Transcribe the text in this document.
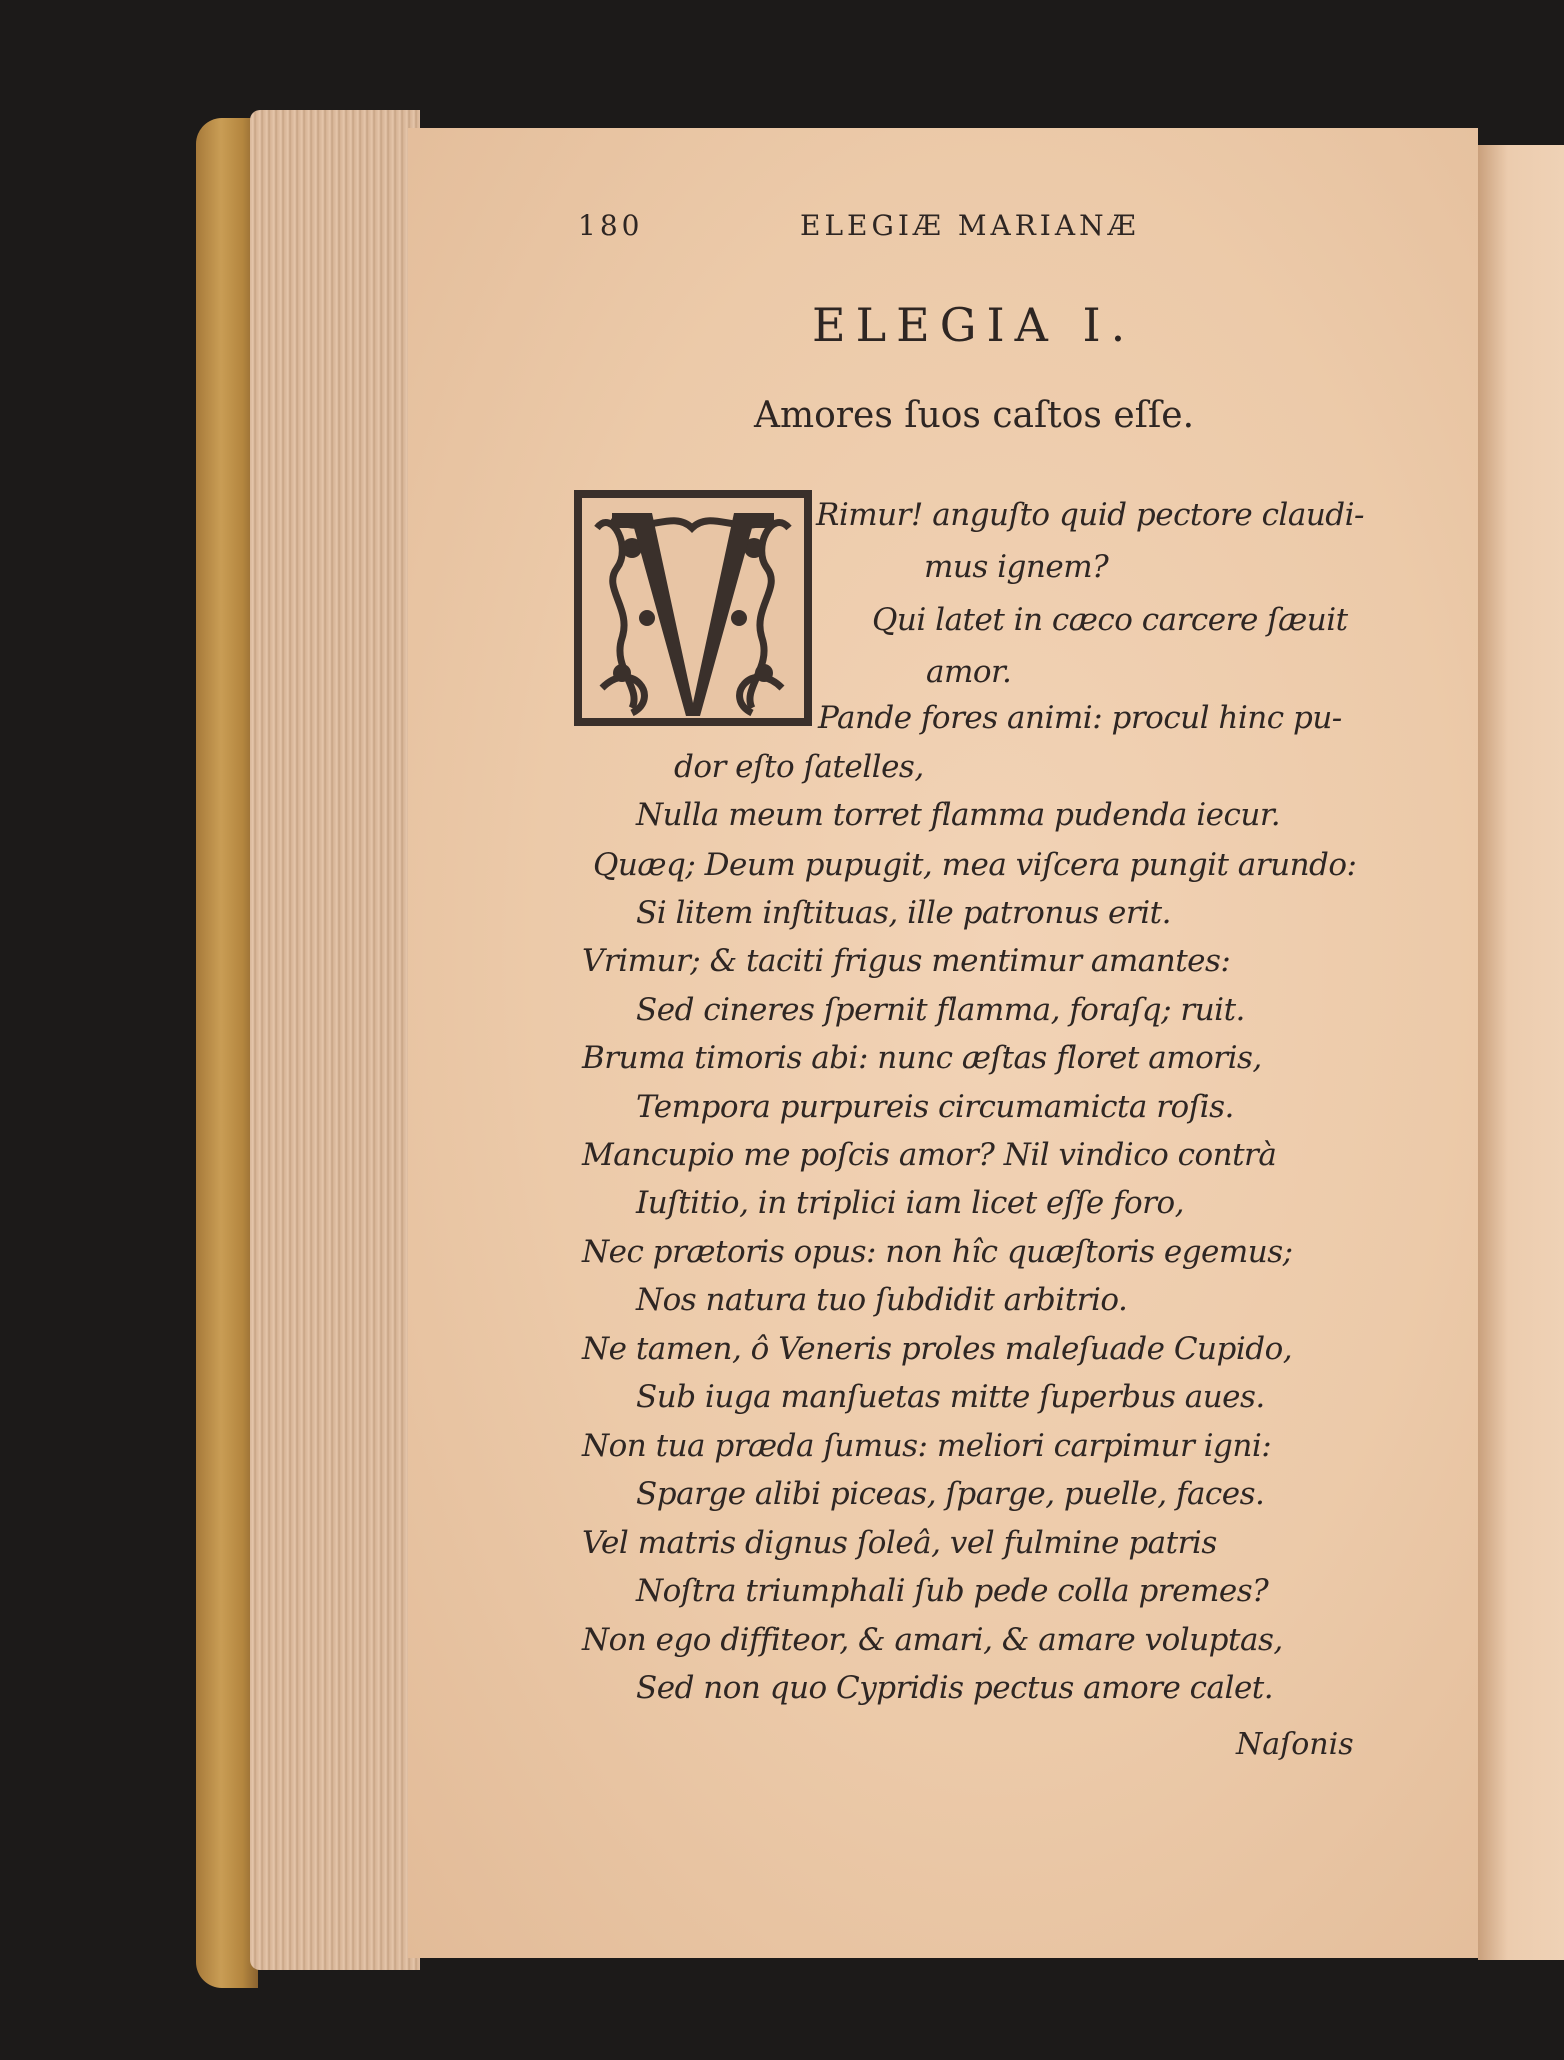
180	ELEGIÆ MARIANÆ
ELEGIA I.
Amores ſuos caſtos eſſe.
Rimur! anguſto quid pectore claudi-
mus ignem?
Qui latet in cæco carcere ſæuit
amor.
Pande fores animi: procul hinc pu-
dor eſto ſatelles,
Nulla meum torret flamma pudenda iecur.
Quæq; Deum pupugit, mea viſcera pungit arundo:
Si litem inſtituas, ille patronus erit.
Vrimur; & taciti frigus mentimur amantes:
Sed cineres ſpernit flamma, foraſq; ruit.
Bruma timoris abi: nunc æſtas floret amoris,
Tempora purpureis circumamicta roſis.
Mancupio me poſcis amor? Nil vindico contrà
Iuſtitio, in triplici iam licet eſſe foro,
Nec prætoris opus: non hîc quæſtoris egemus;
Nos natura tuo ſubdidit arbitrio.
Ne tamen, ô Veneris proles maleſuade Cupido,
Sub iuga manſuetas mitte ſuperbus aues.
Non tua præda ſumus: meliori carpimur igni:
Sparge alibi piceas, ſparge, puelle, faces.
Vel matris dignus ſoleâ, vel fulmine patris
Noſtra triumphali ſub pede colla premes?
Non ego diffiteor, & amari, & amare voluptas,
Sed non quo Cypridis pectus amore calet.
Naſonis
